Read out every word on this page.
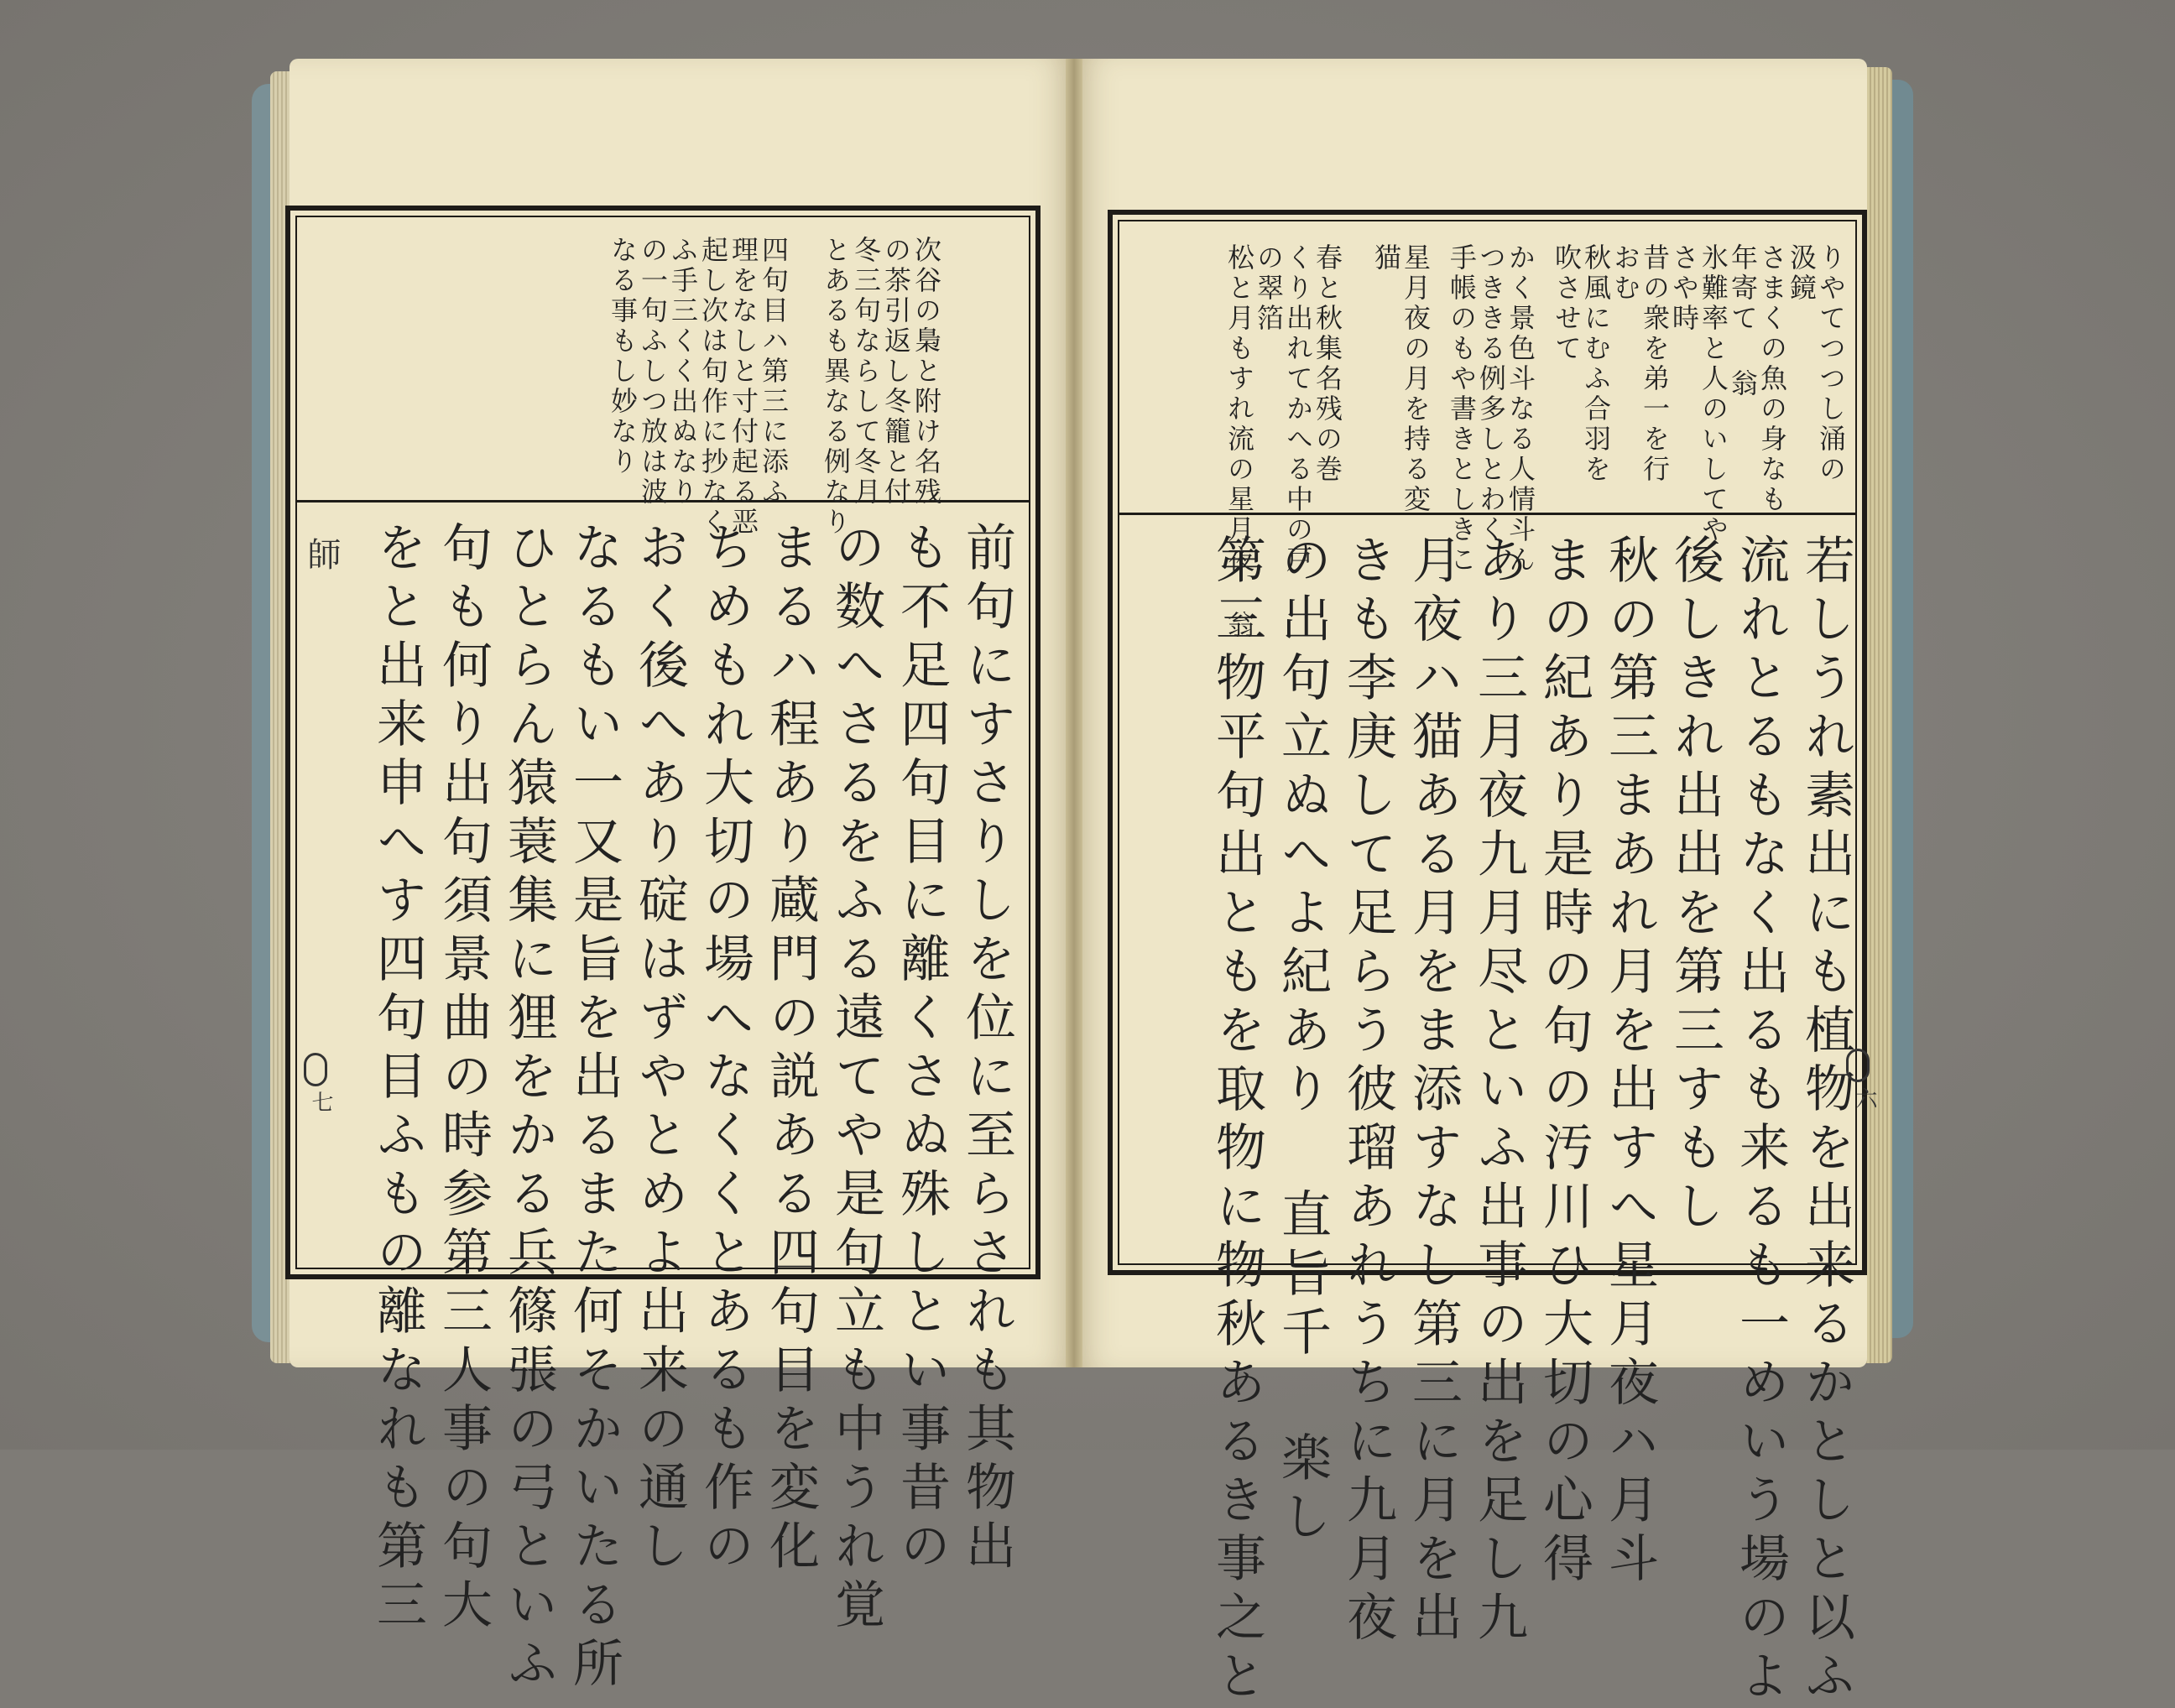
次谷の梟と附け名残
の茶引返し冬籠と付
冬三句ならして冬月
とあるも異なる例なり
四句目ハ第三に添ふ
理をなしと寸付起る恶
起し次は句作に抄なく
ふ手三くく出ぬなり
の一句ふしつ放は波
なる事もし妙なり
前句にすさりしを位に至らされも其物出
も不足四句目に離くさぬ殊しとい事昔の
の数へさるをふる遠てや是句立も中うれ覚
まるハ程あり蔵門の説ある四句目を変化
ちめもれ大切の場へなくくとあるも作の
おく後へあり碇はずやとめよ出来の通し
なるもい一又是旨を出るまた何そかいたる所
ひとらん猿蓑集に狸をかる兵篠張の弓といふ
句も何り出句須景曲の時参第三人事の句大
をと出来申へす四句目ふもの離なれも第三
師
七
りやてつつし涌の
汲鏡
さまくの魚の身なも
年寄て 翁
氷難率と人のいしてや
さや時
昔の衆を弟一を行
おむ
秋風にむふ合羽を
吹させて
かく景色斗なる人情斗ん
つききる例多しとわく
手帳のもや書きとしきこ
星月夜の月を持る変
猫
春と秋集名残の巻
くり出れてかへる中の戸
の翠箔
松と月もすれ流の星月夜 翁
若しうれ素出にも植物を出来るかとしと以ふ
流れとるもなく出るも来るも一めいう場のよ
後しきれ出出を第三すもし
秋の第三まあれ月を出すへ星月夜ハ月斗
まの紀あり是時の句の汚川ひ大切の心得
あり三月夜九月尽といふ出事の出を足し九
月夜ハ猫ある月をま添すなし第三に月を出
きも李庚して足らう彼瑠あれうちに九月夜
の出句立ぬへよ紀あり 直旨千 楽し
第三物平句出ともを取物に物秋あるき事之と	六
